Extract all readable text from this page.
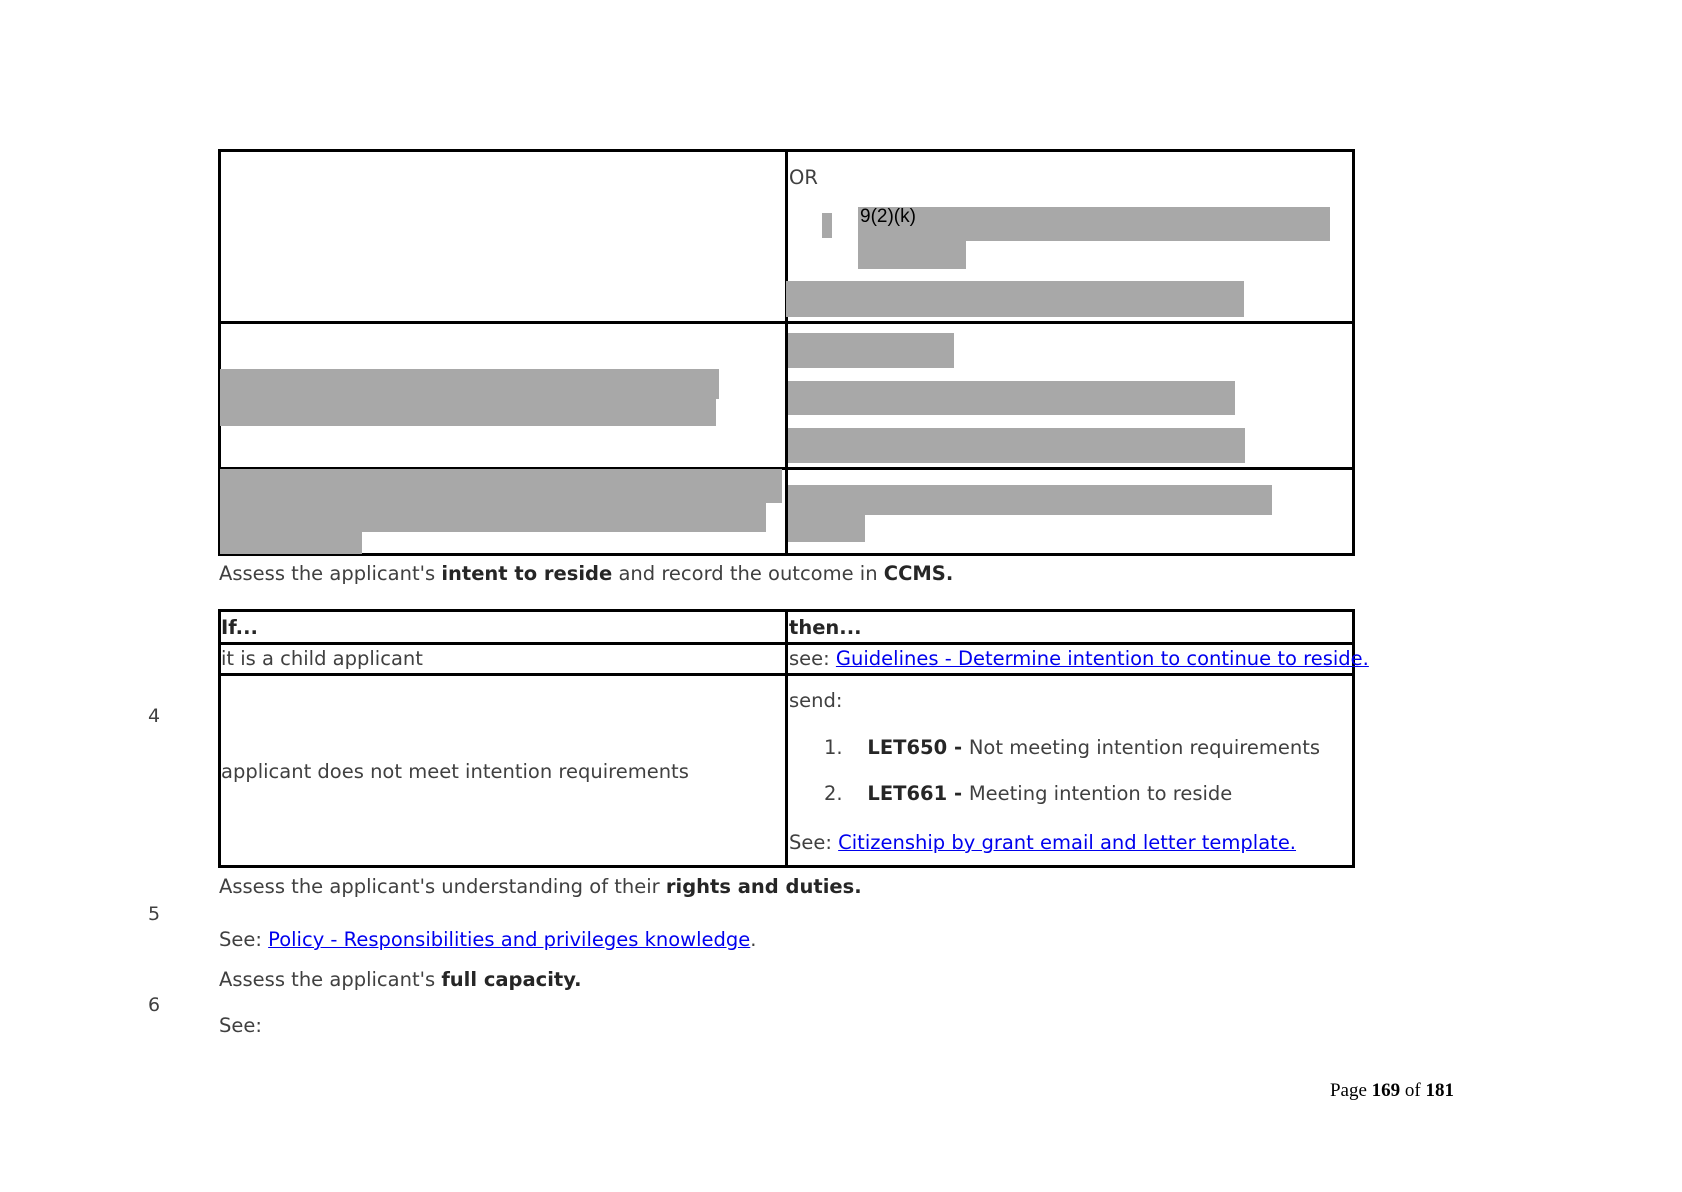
OR
9(2)(k)
Assess the applicant's intent to reside and record the outcome in CCMS.
4
If...	then...
it is a child applicant	see: Guidelines - Determine intention to continue to reside.
applicant does not meet intention requirements
send:
1. LET650 - Not meeting intention requirements
2. LET661 - Meeting intention to reside
See: Citizenship by grant email and letter template.
Assess the applicant's understanding of their rights and duties.
5
See: Policy - Responsibilities and privileges knowledge.
Assess the applicant's full capacity.
6
See:
Page 169 of 181
